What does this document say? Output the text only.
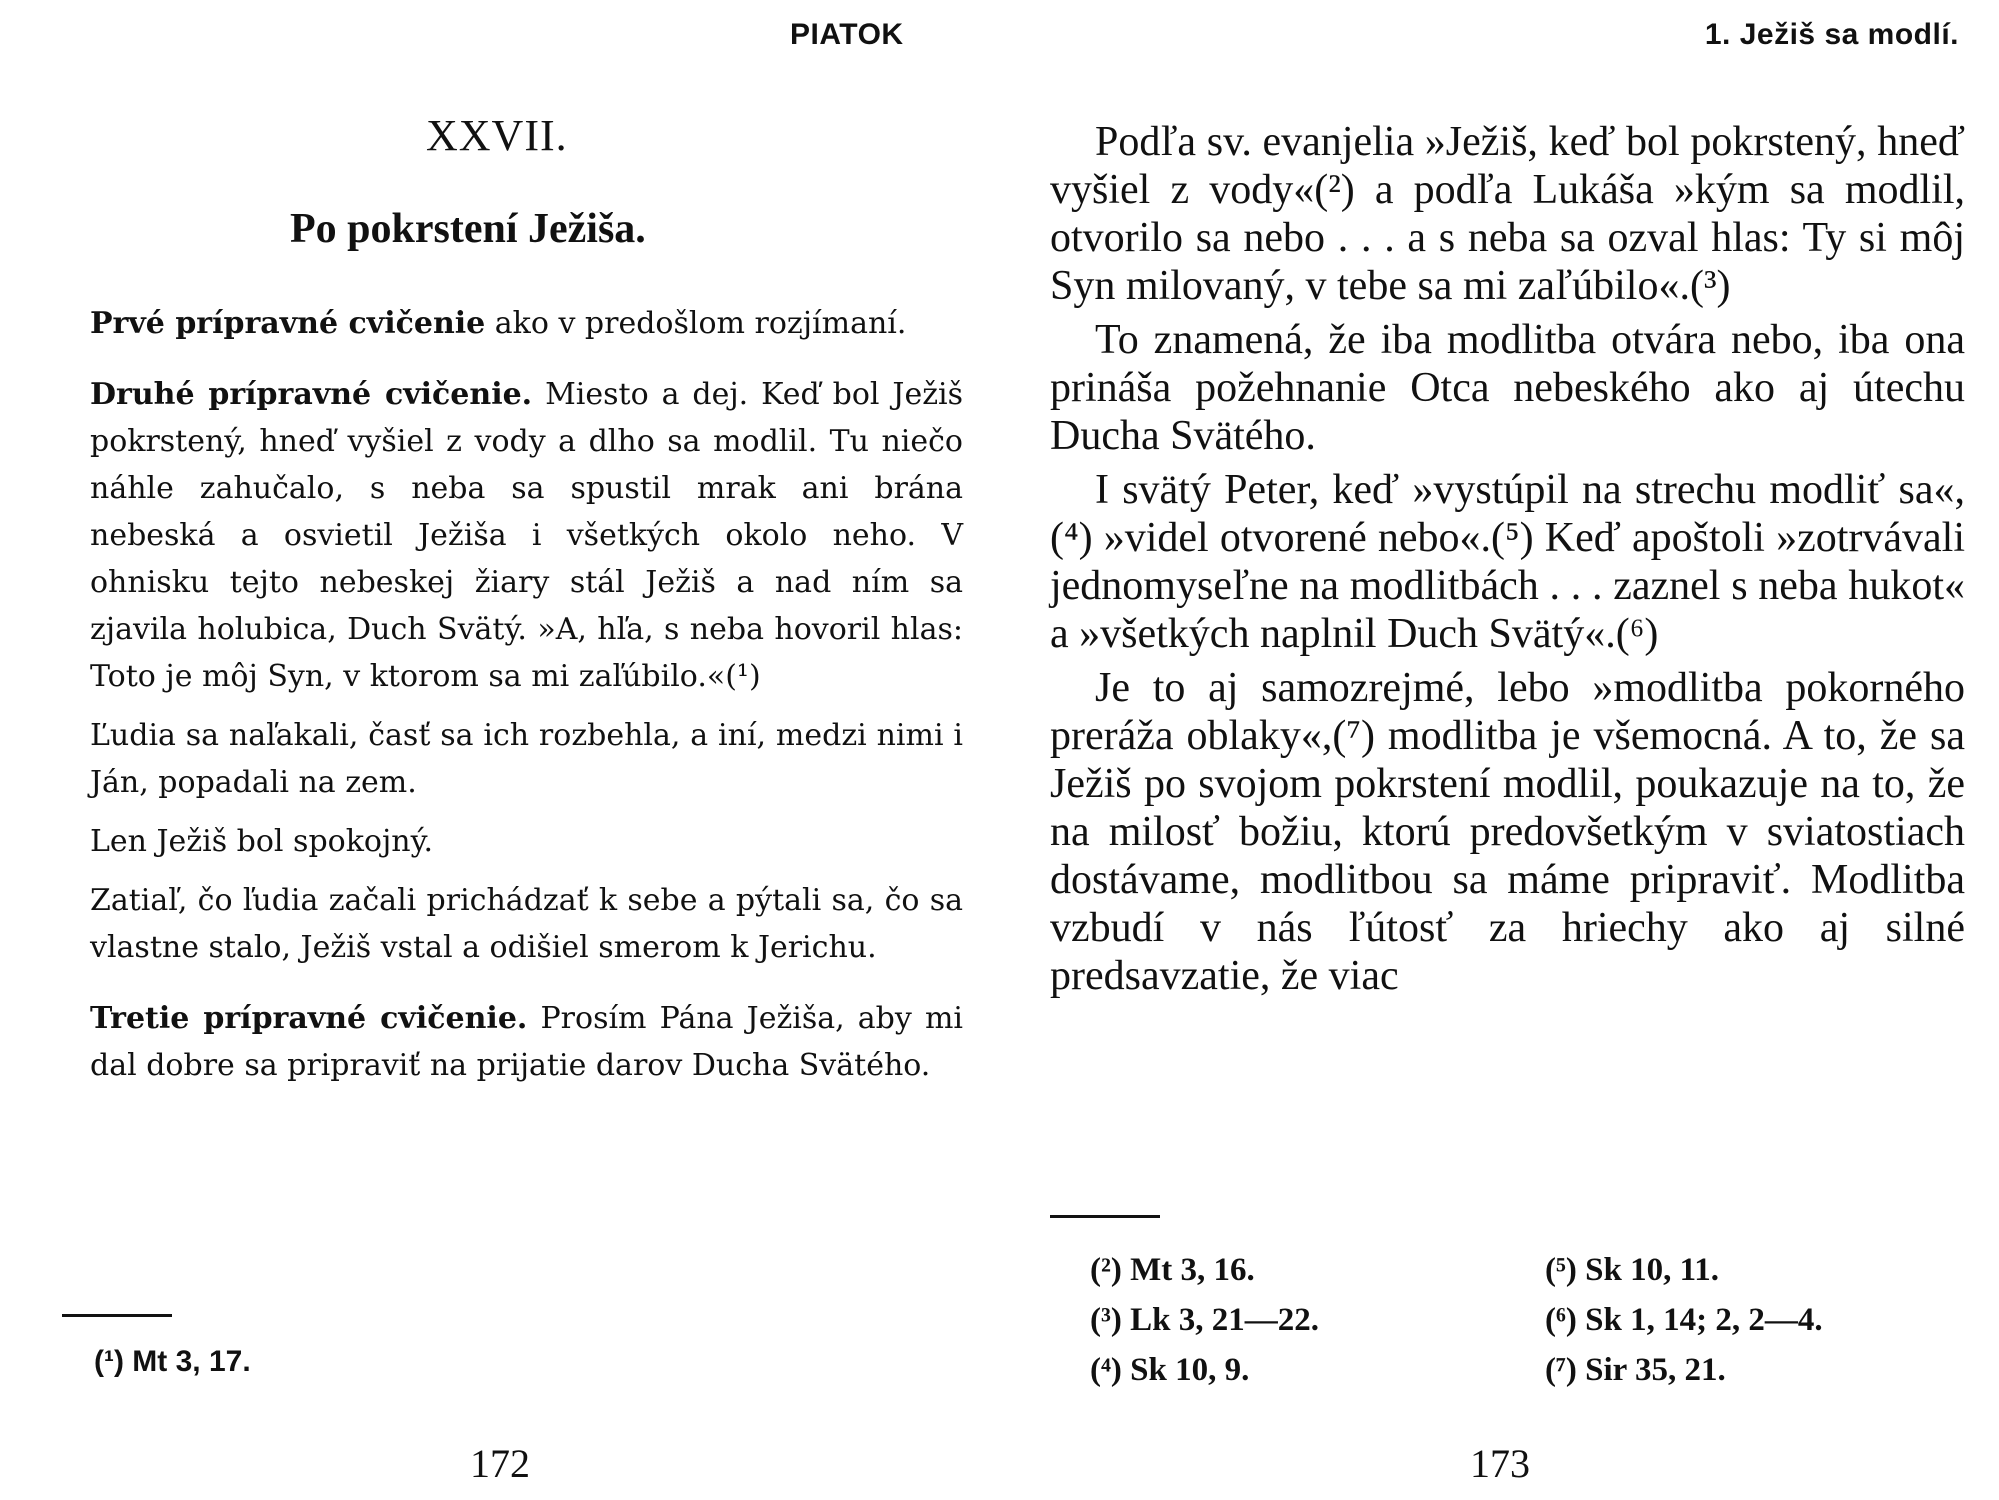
PIATOK
XXVII.
Po pokrstení Ježiša.

Prvé prípravné cvičenie ako v predošlom rozjímaní.

Druhé prípravné cvičenie. Miesto a dej. Keď bol Ježiš pokrstený, hneď vyšiel z vody a dlho sa modlil. Tu niečo náhle zahučalo, s neba sa spustil mrak ani brána nebeská a osvietil Ježiša i všetkých okolo neho. V ohnisku tejto nebeskej žiary stál Ježiš a nad ním sa zjavila holubica, Duch Svätý. »A, hľa, s neba hovoril hlas: Toto je môj Syn, v ktorom sa mi zaľúbilo.«(¹)

Ľudia sa naľakali, časť sa ich rozbehla, a iní, medzi nimi i Ján, popadali na zem.

Len Ježiš bol spokojný.

Zatiaľ, čo ľudia začali prichádzať k sebe a pýtali sa, čo sa vlastne stalo, Ježiš vstal a odišiel smerom k Jerichu.

Tretie prípravné cvičenie. Prosím Pána Ježiša, aby mi dal dobre sa pripraviť na prijatie darov Ducha Svätého.

(¹) Mt 3, 17.
172
1. Ježiš sa modlí.

Podľa sv. evanjelia »Ježiš, keď bol pokrstený, hneď vyšiel z vody«(²) a podľa Lukáša »kým sa modlil, otvorilo sa nebo . . . a s neba sa ozval hlas: Ty si môj Syn milovaný, v tebe sa mi zaľúbilo«.(³)

To znamená, že iba modlitba otvára nebo, iba ona prináša požehnanie Otca nebeského ako aj útechu Ducha Svätého.

I svätý Peter, keď »vystúpil na strechu modliť sa«,(⁴) »videl otvorené nebo«.(⁵) Keď apoštoli »zotrvávali jednomyseľne na modlitbách . . . zaznel s neba hukot« a »všetkých naplnil Duch Svätý«.(⁶)

Je to aj samozrejmé, lebo »modlitba pokorného preráža oblaky«,(⁷) modlitba je všemocná. A to, že sa Ježiš po svojom pokrstení modlil, poukazuje na to, že na milosť božiu, ktorú predovšetkým v sviatostiach dostávame, modlitbou sa máme pripraviť. Modlitba vzbudí v nás ľútosť za hriechy ako aj silné predsavzatie, že viac

(²) Mt 3, 16.
(³) Lk 3, 21—22.
(⁴) Sk 10, 9.
(⁵) Sk 10, 11.
(⁶) Sk 1, 14; 2, 2—4.
(⁷) Sir 35, 21.
173
